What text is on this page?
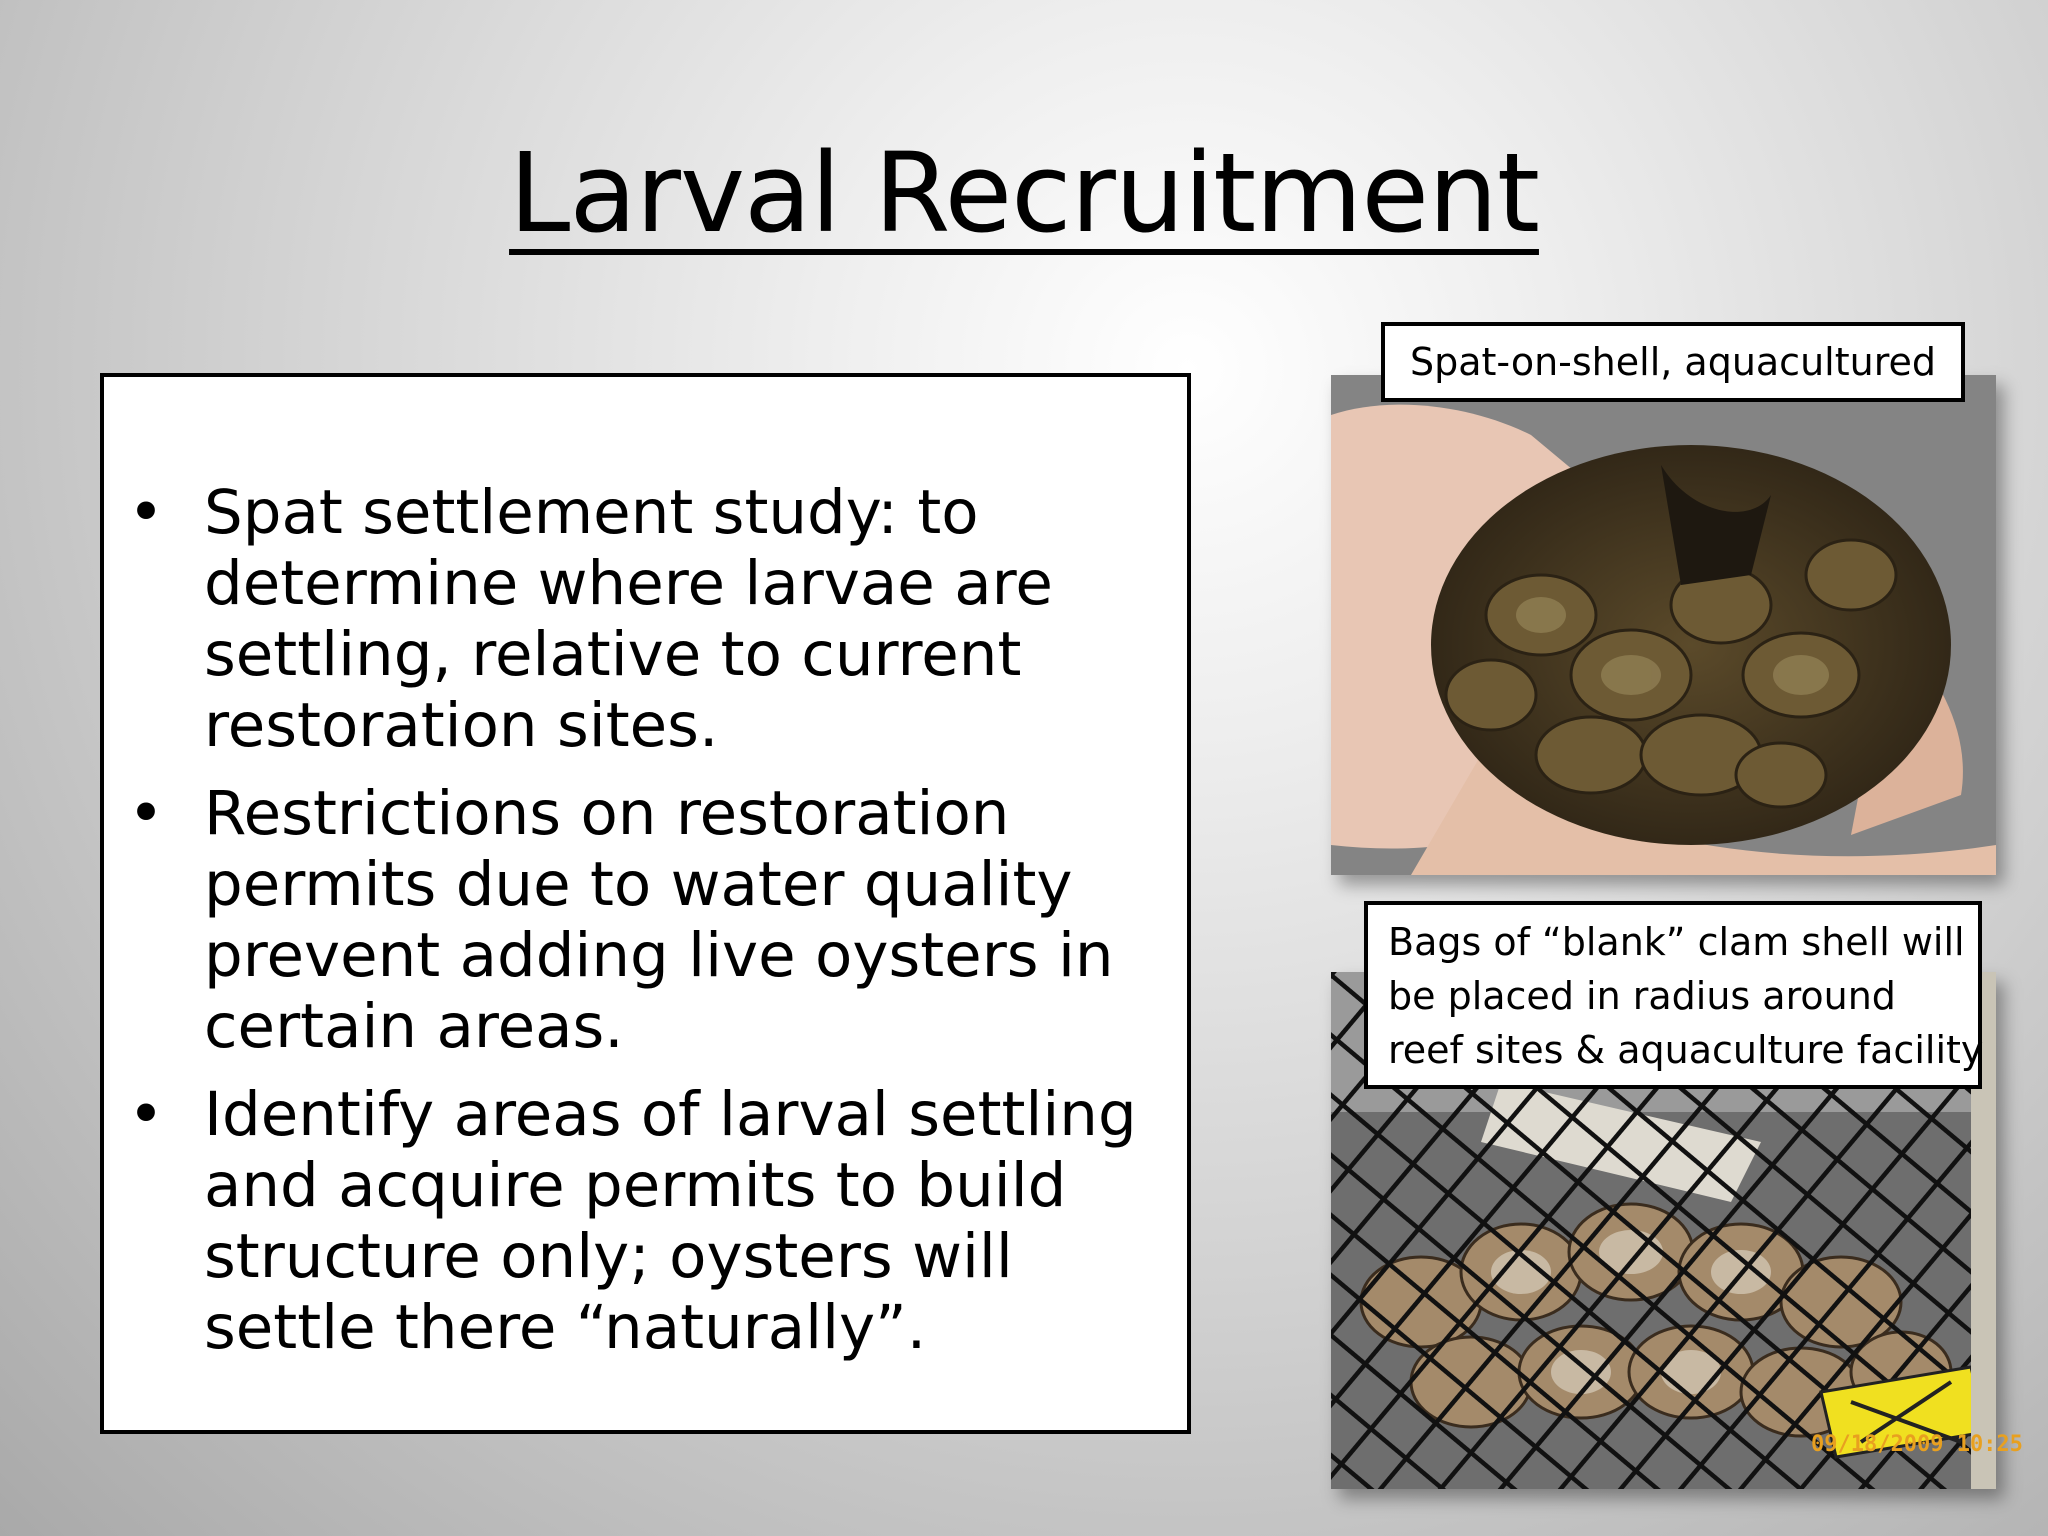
Larval Recruitment
• Spat settlement study: to
determine where larvae are
settling, relative to current
restoration sites.
• Restrictions on restoration
permits due to water quality
prevent adding live oysters in
certain areas.
• Identify areas of larval settling
and acquire permits to build
structure only; oysters will
settle there “naturally”.
09/18/2009 10:25
Spat-on-shell, aquacultured
Bags of “blank” clam shell will
be placed in radius around
reef sites & aquaculture facility
